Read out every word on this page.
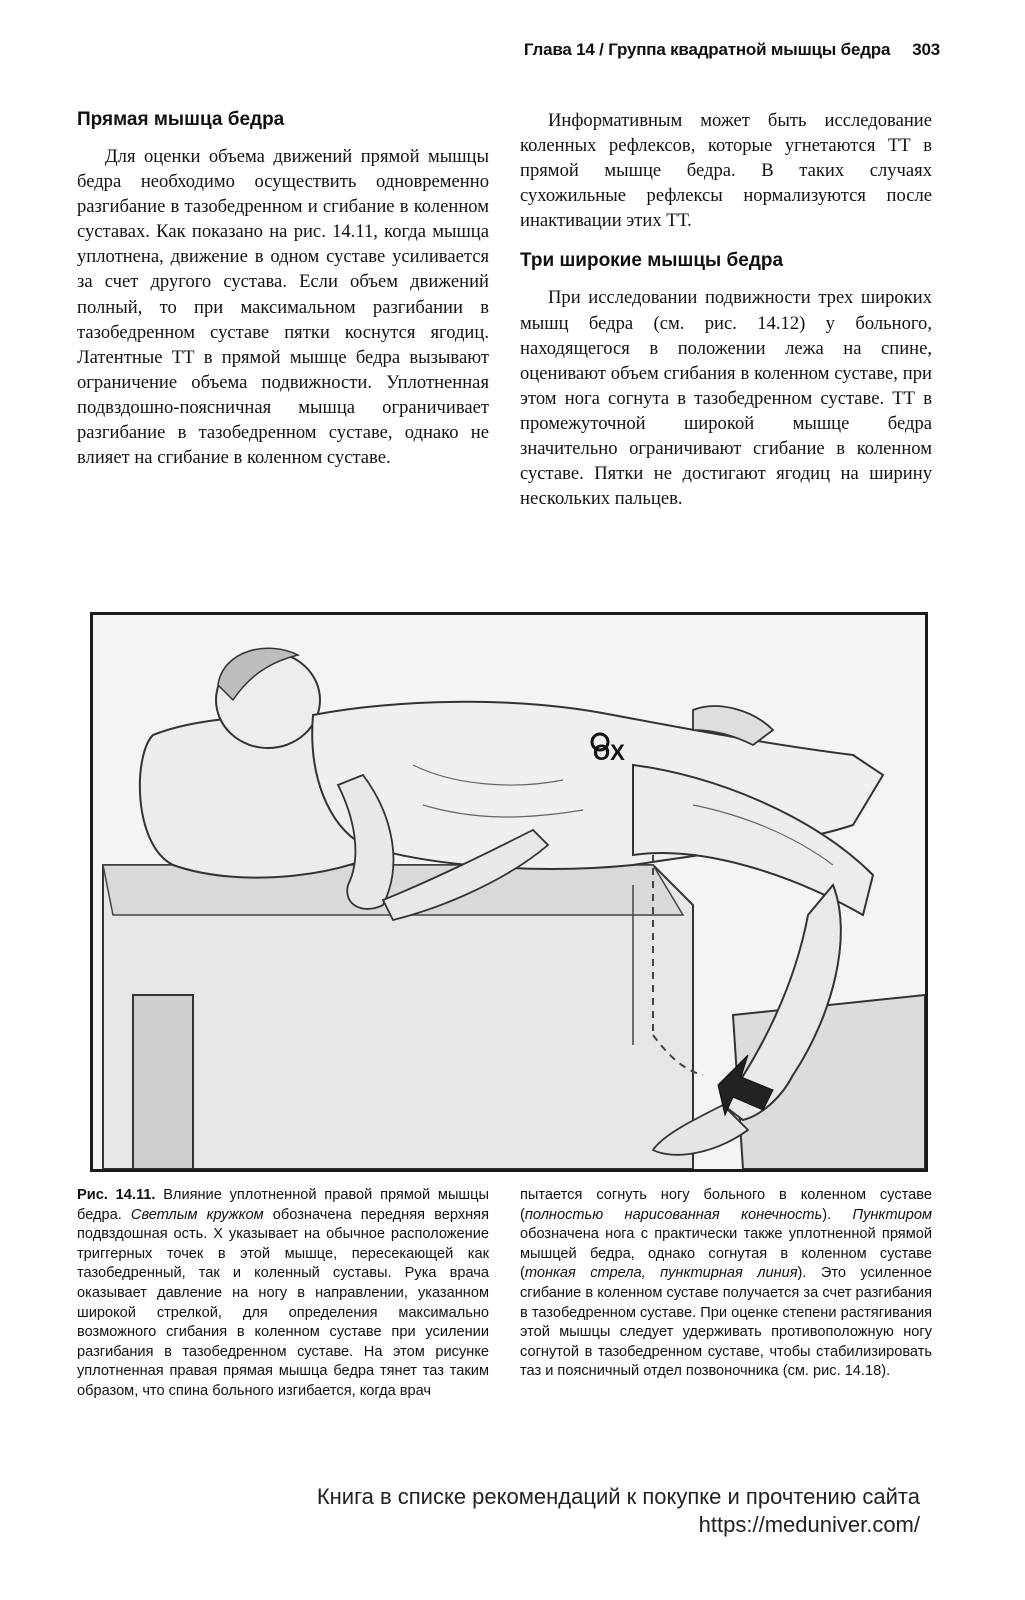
Глава 14 / Группа квадратной мышцы бедра 303

Прямая мышца бедра

Для оценки объема движений прямой мышцы бедра необходимо осуществить одновременно разгибание в тазобедренном и сгибание в коленном суставах. Как показано на рис. 14.11, когда мышца уплотнена, движение в одном суставе усиливается за счет другого сустава. Если объем движений полный, то при максимальном разгибании в тазобедренном суставе пятки коснутся ягодиц. Латентные ТТ в прямой мышце бедра вызывают ограничение объема подвижности. Уплотненная подвздошно-поясничная мышца ограничивает разгибание в тазобедренном суставе, однако не влияет на сгибание в коленном суставе.

Информативным может быть исследование коленных рефлексов, которые угнетаются ТТ в прямой мышце бедра. В таких случаях сухожильные рефлексы нормализуются после инактивации этих ТТ.

Три широкие мышцы бедра

При исследовании подвижности трех широких мышц бедра (см. рис. 14.12) у больного, находящегося в положении лежа на спине, оценивают объем сгибания в коленном суставе, при этом нога согнута в тазобедренном суставе. ТТ в промежуточной широкой мышце бедра значительно ограничивают сгибание в коленном суставе. Пятки не достигают ягодиц на ширину нескольких пальцев.

OX
Рис. 14.11. Влияние уплотненной правой прямой мышцы бедра. Светлым кружком обозначена передняя верхняя подвздошная ость. X указывает на обычное расположение триггерных точек в этой мышце, пересекающей как тазобедренный, так и коленный суставы. Рука врача оказывает давление на ногу в направлении, указанном широкой стрелкой, для определения максимально возможного сгибания в коленном суставе при усилении разгибания в тазобедренном суставе. На этом рисунке уплотненная правая прямая мышца бедра тянет таз таким образом, что спина больного изгибается, когда врач
пытается согнуть ногу больного в коленном суставе (полностью нарисованная конечность). Пунктиром обозначена нога с практически также уплотненной прямой мышцей бедра, однако согнутая в коленном суставе (тонкая стрела, пунктирная линия). Это усиленное сгибание в коленном суставе получается за счет разгибания в тазобедренном суставе. При оценке степени растягивания этой мышцы следует удерживать противоположную ногу согнутой в тазобедренном суставе, чтобы стабилизировать таз и поясничный отдел позвоночника (см. рис. 14.18).
Книга в списке рекомендаций к покупке и прочтению сайта https://meduniver.com/
